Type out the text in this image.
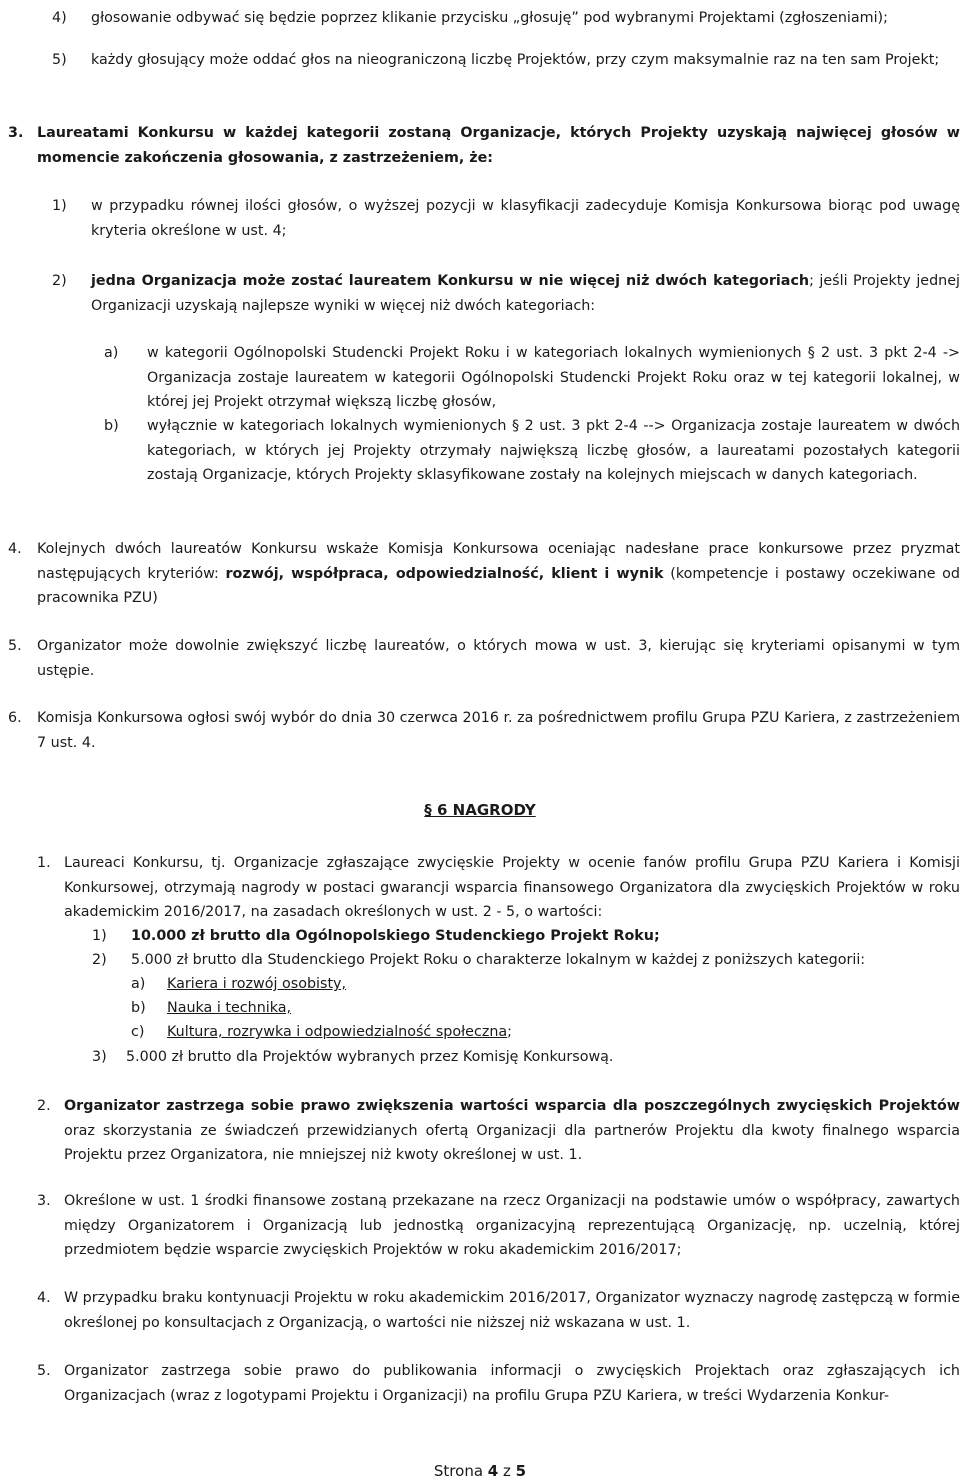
4) głosowanie odbywać się będzie poprzez klikanie przycisku „głosuję” pod wybranymi Projektami (zgłoszeniami);
5) każdy głosujący może oddać głos na nieograniczoną liczbę Projektów, przy czym maksymalnie raz na ten sam Projekt;
3. Laureatami Konkursu w każdej kategorii zostaną Organizacje, których Projekty uzyskają najwięcej głosów w momencie zakończenia głosowania, z zastrzeżeniem, że:
1) w przypadku równej ilości głosów, o wyższej pozycji w klasyfikacji zadecyduje Komisja Konkursowa biorąc pod uwagę kryteria określone w ust. 4;
2) jedna Organizacja może zostać laureatem Konkursu w nie więcej niż dwóch kategoriach; jeśli Projekty jednej Organizacji uzyskają najlepsze wyniki w więcej niż dwóch kategoriach:
a) w kategorii Ogólnopolski Studencki Projekt Roku i w kategoriach lokalnych wymienionych § 2 ust. 3 pkt 2-4 -> Organizacja zostaje laureatem w kategorii Ogólnopolski Studencki Projekt Roku oraz w tej kategorii lokalnej, w której jej Projekt otrzymał większą liczbę głosów,
b) wyłącznie w kategoriach lokalnych wymienionych § 2 ust. 3 pkt 2-4 --> Organizacja zostaje laureatem w dwóch kategoriach, w których jej Projekty otrzymały największą liczbę głosów, a laureatami pozostałych kategorii zostają Organizacje, których Projekty sklasyfikowane zostały na kolejnych miejscach w danych kategoriach.
4. Kolejnych dwóch laureatów Konkursu wskaże Komisja Konkursowa oceniając nadesłane prace konkursowe przez pryzmat następujących kryteriów: rozwój, współpraca, odpowiedzialność, klient i wynik (kompetencje i postawy oczekiwane od pracownika PZU)
5. Organizator może dowolnie zwiększyć liczbę laureatów, o których mowa w ust. 3, kierując się kryteriami opisanymi w tym ustępie.
6. Komisja Konkursowa ogłosi swój wybór do dnia 30 czerwca 2016 r. za pośrednictwem profilu Grupa PZU Kariera, z zastrzeżeniem 7 ust. 4.
§ 6 NAGRODY
1. Laureaci Konkursu, tj. Organizacje zgłaszające zwycięskie Projekty w ocenie fanów profilu Grupa PZU Kariera i Komisji Konkursowej, otrzymają nagrody w postaci gwarancji wsparcia finansowego Organizatora dla zwycięskich Projektów w roku akademickim 2016/2017, na zasadach określonych w ust. 2 - 5, o wartości:
1) 10.000 zł brutto dla Ogólnopolskiego Studenckiego Projekt Roku;
2) 5.000 zł brutto dla Studenckiego Projekt Roku o charakterze lokalnym w każdej z poniższych kategorii:
a) Kariera i rozwój osobisty,
b) Nauka i technika,
c) Kultura, rozrywka i odpowiedzialność społeczna;
3) 5.000 zł brutto dla Projektów wybranych przez Komisję Konkursową.
2. Organizator zastrzega sobie prawo zwiększenia wartości wsparcia dla poszczególnych zwycięskich Projektów oraz skorzystania ze świadczeń przewidzianych ofertą Organizacji dla partnerów Projektu dla kwoty finalnego wsparcia Projektu przez Organizatora, nie mniejszej niż kwoty określonej w ust. 1.
3. Określone w ust. 1 środki finansowe zostaną przekazane na rzecz Organizacji na podstawie umów o współpracy, zawartych między Organizatorem i Organizacją lub jednostką organizacyjną reprezentującą Organizację, np. uczelnią, której przedmiotem będzie wsparcie zwycięskich Projektów w roku akademickim 2016/2017;
4. W przypadku braku kontynuacji Projektu w roku akademickim 2016/2017, Organizator wyznaczy nagrodę zastępczą w formie określonej po konsultacjach z Organizacją, o wartości nie niższej niż wskazana w ust. 1.
5. Organizator zastrzega sobie prawo do publikowania informacji o zwycięskich Projektach oraz zgłaszających ich Organizacjach (wraz z logotypami Projektu i Organizacji) na profilu Grupa PZU Kariera, w treści Wydarzenia Konkur-
Strona 4 z 5
